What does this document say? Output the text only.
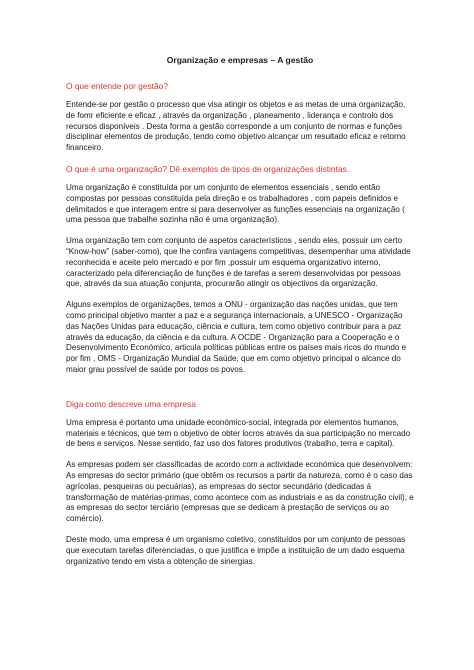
Organização e empresas – A gestão
O que entende por gestão?

Entende-se por gestão o processo que visa atingir os objetos e as metas de uma organização, de fomr eficiente e eficaz , através da organização , planeamento , liderança e controlo dos recursos disponíveis . Desta forma a gestão corresponde a um conjunto de normas e funções disciplinar elementos de produção, tendo como objetivo alcançar um resultado eficaz e retorno financeiro.

O que é uma organização? Dê exemplos de tipos de organizações distintas.

Uma organização é constituída por um conjunto de elementos essenciais , sendo então compostas por pessoas constituída pela direção e os trabalhadores , com papeis definidos e delimitados e que interagem entre si para desenvolver as funções essenciais na organização ( uma pessoa que trabalhe sozinha não é uma organização).

Uma organização tem com conjunto de aspetos característicos , sendo eles, possuir um certo “Know-how” (saber-como), que lhe confira vantagens competitivas, desempenhar uma atividade reconhecida e aceite pelo mercado e por fim ,possuir um esquema organizativo interno, caracterizado pela diferenciação de funções e de tarefas a serem desenvolvidas por pessoas que, através da sua atuação conjunta, procurarão atingir os objectivos da organização.

Alguns exemplos de organizações, temos a ONU - organização das nações unidas, que tem como principal objetivo manter a paz e a segurança internacionais, a UNESCO - Organização das Nações Unidas para educação, ciência e cultura, tem como objetivo contribuir para a paz através da educação, da ciência e da cultura. A OCDE - Organização para a Cooperação e o Desenvolvimento Económico, articula políticas públicas entre os países mais ricos do mundo e por fim , OMS - Organização Mundial da Saúde, que em como objetivo principal o alcance do maior grau possível de saúde por todos os povos.

Diga como descreve uma empresa

Uma empresa é portanto uma unidade económico-social, integrada por elementos humanos, materiais e técnicos, que tem o objetivo de obter locros através da sua participação no mercado de bens e serviços. Nesse sentido, faz uso dos fatores produtivos (trabalho, terra e capital).

As empresas podem ser classificadas de acordo com a actividade económica que desenvolvem: As empresas do sector primário (que obtêm os recursos a partir da natureza, como é o caso das agrícolas, pesqueiras ou pecuárias), as empresas do sector secundário (dedicadas à transformação de matérias-primas, como acontece com as industriais e as da construção civil), e as empresas do sector terciário (empresas que se dedicam à prestação de serviços ou ao comércio).

Deste modo, uma empresa é um organismo coletivo, constituídos por um conjunto de pessoas que executam tarefas diferenciadas, o que justifica e impõe a instituição de um dado esquema organizativo tendo em vista a obtenção de sinergias.
